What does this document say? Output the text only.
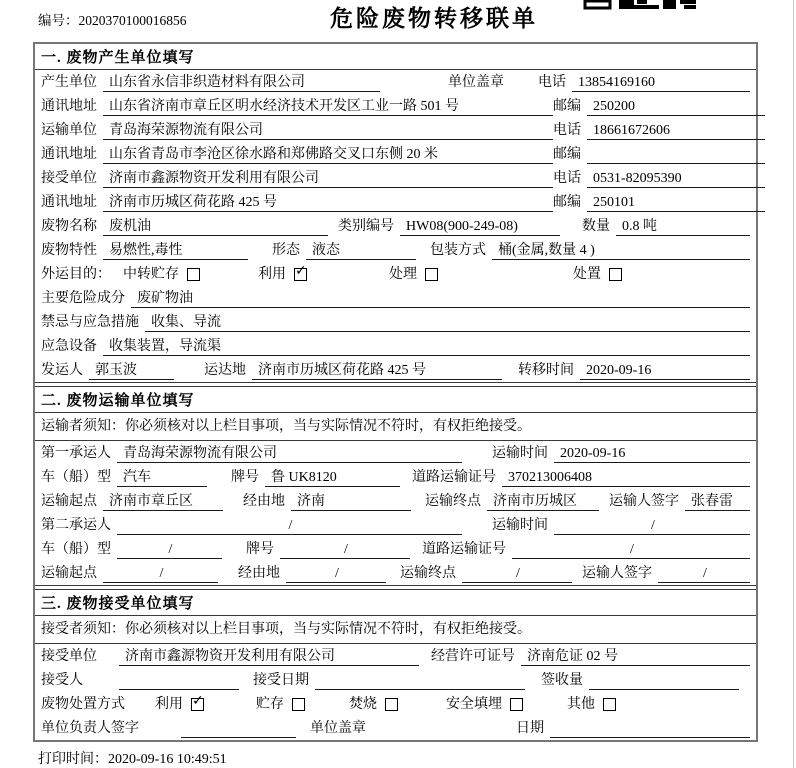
编号：2020370100016856	危险废物转移联单
一. 废物产生单位填写
产生单位 山东省永信非织造材料有限公司	单位盖章 电话 13854169160
通讯地址 山东省济南市章丘区明水经济技术开发区工业一路 501 号	邮编 250200
运输单位 青岛海荣源物流有限公司	电话 18661672606
通讯地址 山东省青岛市李沧区徐水路和郑佛路交叉口东侧 20 米	邮编
接受单位 济南市鑫源物资开发利用有限公司	电话 0531-82095390
通讯地址 济南市历城区荷花路 425 号	邮编 250101
废物名称 废机油	类别编号 HW08(900-249-08)	数量 0.8 吨
废物特性 易燃性,毒性	形态 液态	包装方式 桶(金属,数量 4 )
外运目的： 中转贮存	利用 ✓	处理	处置
主要危险成分 废矿物油
禁忌与应急措施 收集、导流
应急设备 收集装置，导流渠
发运人 郭玉波	运达地 济南市历城区荷花路 425 号	转移时间 2020-09-16
二. 废物运输单位填写
运输者须知：你必须核对以上栏目事项，当与实际情况不符时，有权拒绝接受。
第一承运人 青岛海荣源物流有限公司	运输时间 2020-09-16
车（船）型 汽车	牌号 鲁 UK8120	道路运输证号 370213006408
运输起点 济南市章丘区	经由地 济南	运输终点 济南市历城区	运输人签字 张春雷
第二承运人	/	运输时间	/
车（船）型	/	牌号	/	道路运输证号	/
运输起点	/	经由地	/	运输终点	/	运输人签字	/
三. 废物接受单位填写
接受者须知：你必须核对以上栏目事项，当与实际情况不符时，有权拒绝接受。
接受单位	济南市鑫源物资开发利用有限公司	经营许可证号 济南危证 02 号
接受人	接受日期	签收量
废物处置方式 利用 ✓	贮存	焚烧	安全填埋	其他
单位负责人签字	单位盖章	日期
打印时间：2020-09-16 10:49:51
